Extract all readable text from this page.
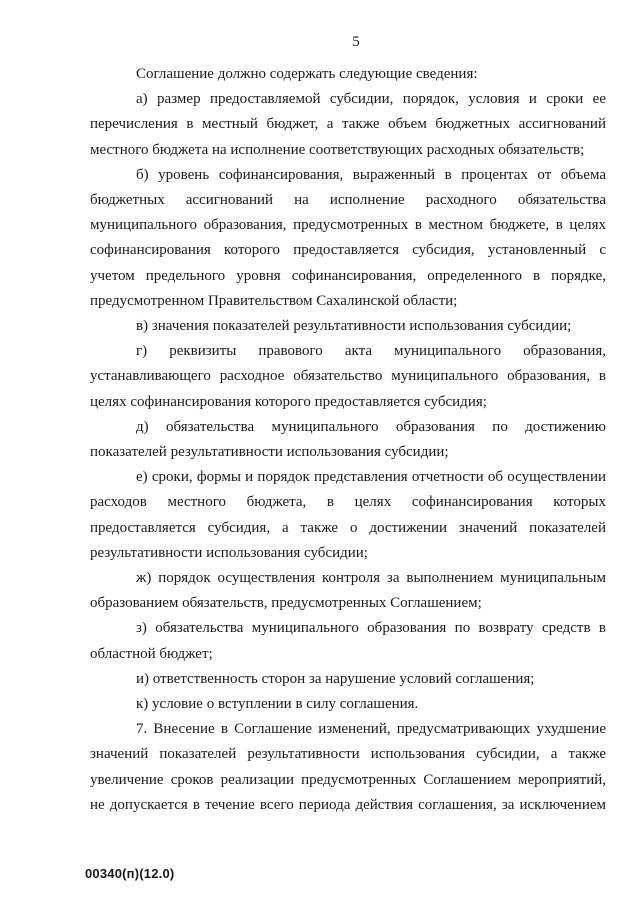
5

Соглашение должно содержать следующие сведения:

а) размер предоставляемой субсидии, порядок, условия и сроки ее перечисления в местный бюджет, а также объем бюджетных ассигнований местного бюджета на исполнение соответствующих расходных обязательств;

б) уровень софинансирования, выраженный в процентах от объема бюджетных ассигнований на исполнение расходного обязательства муниципального образования, предусмотренных в местном бюджете, в целях софинансирования которого предоставляется субсидия, установленный с учетом предельного уровня софинансирования, определенного в порядке, предусмотренном Правительством Сахалинской области;

в) значения показателей результативности использования субсидии;

г) реквизиты правового акта муниципального образования, устанавливающего расходное обязательство муниципального образования, в целях софинансирования которого предоставляется субсидия;

д) обязательства муниципального образования по достижению показателей результативности использования субсидии;

е) сроки, формы и порядок представления отчетности об осуществлении расходов местного бюджета, в целях софинансирования которых предоставляется субсидия, а также о достижении значений показателей результативности использования субсидии;

ж) порядок осуществления контроля за выполнением муниципальным образованием обязательств, предусмотренных Соглашением;

з) обязательства муниципального образования по возврату средств в областной бюджет;

и) ответственность сторон за нарушение условий соглашения;

к) условие о вступлении в силу соглашения.

7. Внесение в Соглашение изменений, предусматривающих ухудшение значений показателей результативности использования субсидии, а также увеличение сроков реализации предусмотренных Соглашением мероприятий, не допускается в течение всего периода действия соглашения, за исключением

00340(п)(12.0)
